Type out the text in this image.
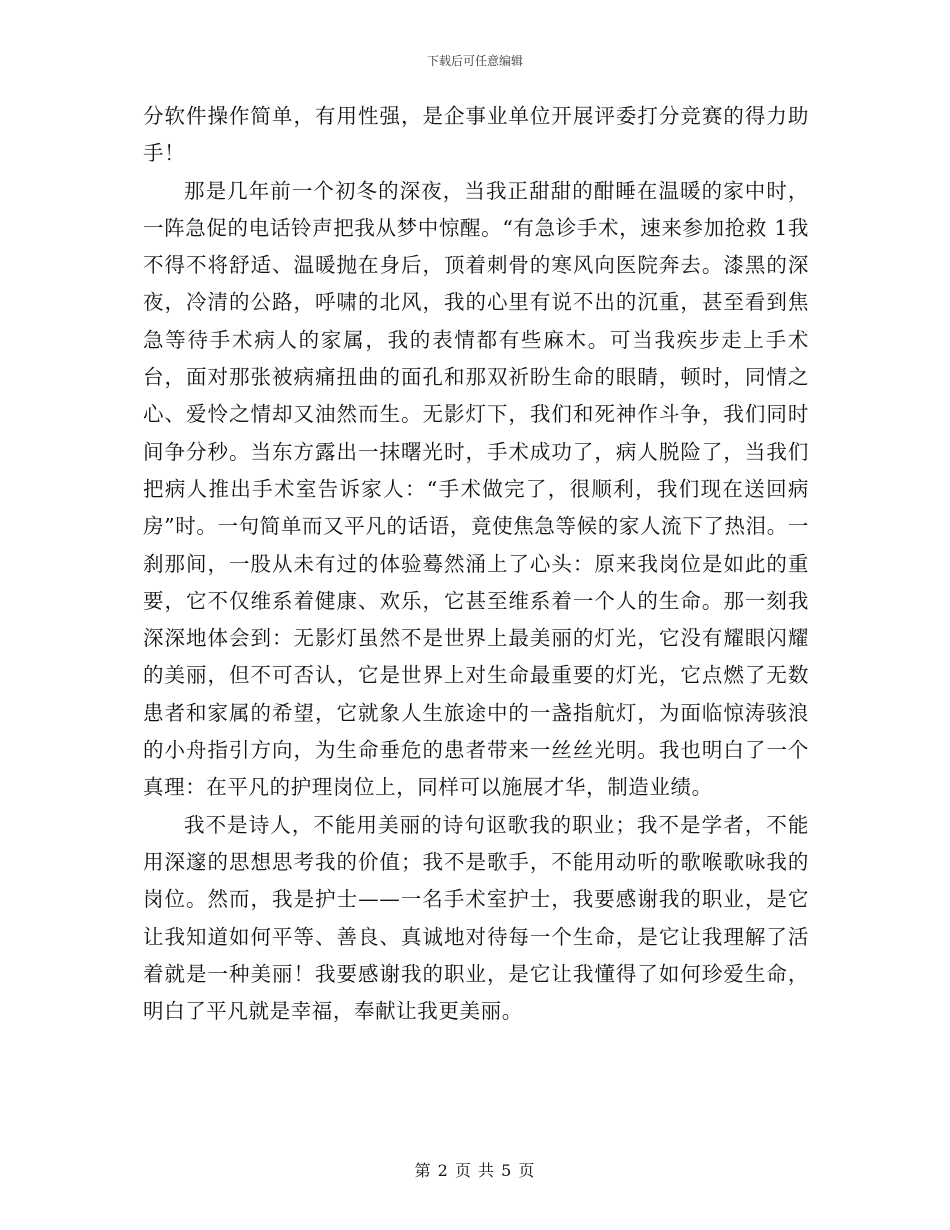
下载后可任意编辑

分软件操作简单，有用性强，是企事业单位开展评委打分竞赛的得力助手！

那是几年前一个初冬的深夜，当我正甜甜的酣睡在温暖的家中时，一阵急促的电话铃声把我从梦中惊醒。“有急诊手术，速来参加抢救 1我不得不将舒适、温暖抛在身后，顶着刺骨的寒风向医院奔去。漆黑的深夜，冷清的公路，呼啸的北风，我的心里有说不出的沉重，甚至看到焦急等待手术病人的家属，我的表情都有些麻木。可当我疾步走上手术台，面对那张被病痛扭曲的面孔和那双祈盼生命的眼睛，顿时，同情之心、爱怜之情却又油然而生。无影灯下，我们和死神作斗争，我们同时间争分秒。当东方露出一抹曙光时，手术成功了，病人脱险了，当我们把病人推出手术室告诉家人：“手术做完了，很顺利，我们现在送回病房”时。一句简单而又平凡的话语，竟使焦急等候的家人流下了热泪。一刹那间，一股从未有过的体验蓦然涌上了心头：原来我岗位是如此的重要，它不仅维系着健康、欢乐，它甚至维系着一个人的生命。那一刻我深深地体会到：无影灯虽然不是世界上最美丽的灯光，它没有耀眼闪耀的美丽，但不可否认，它是世界上对生命最重要的灯光，它点燃了无数患者和家属的希望，它就象人生旅途中的一盏指航灯，为面临惊涛骇浪的小舟指引方向，为生命垂危的患者带来一丝丝光明。我也明白了一个真理：在平凡的护理岗位上，同样可以施展才华，制造业绩。

我不是诗人，不能用美丽的诗句讴歌我的职业；我不是学者，不能用深邃的思想思考我的价值；我不是歌手，不能用动听的歌喉歌咏我的岗位。然而，我是护士——一名手术室护士，我要感谢我的职业，是它让我知道如何平等、善良、真诚地对待每一个生命，是它让我理解了活着就是一种美丽！我要感谢我的职业，是它让我懂得了如何珍爱生命，明白了平凡就是幸福，奉献让我更美丽。

第 2 页 共 5 页
